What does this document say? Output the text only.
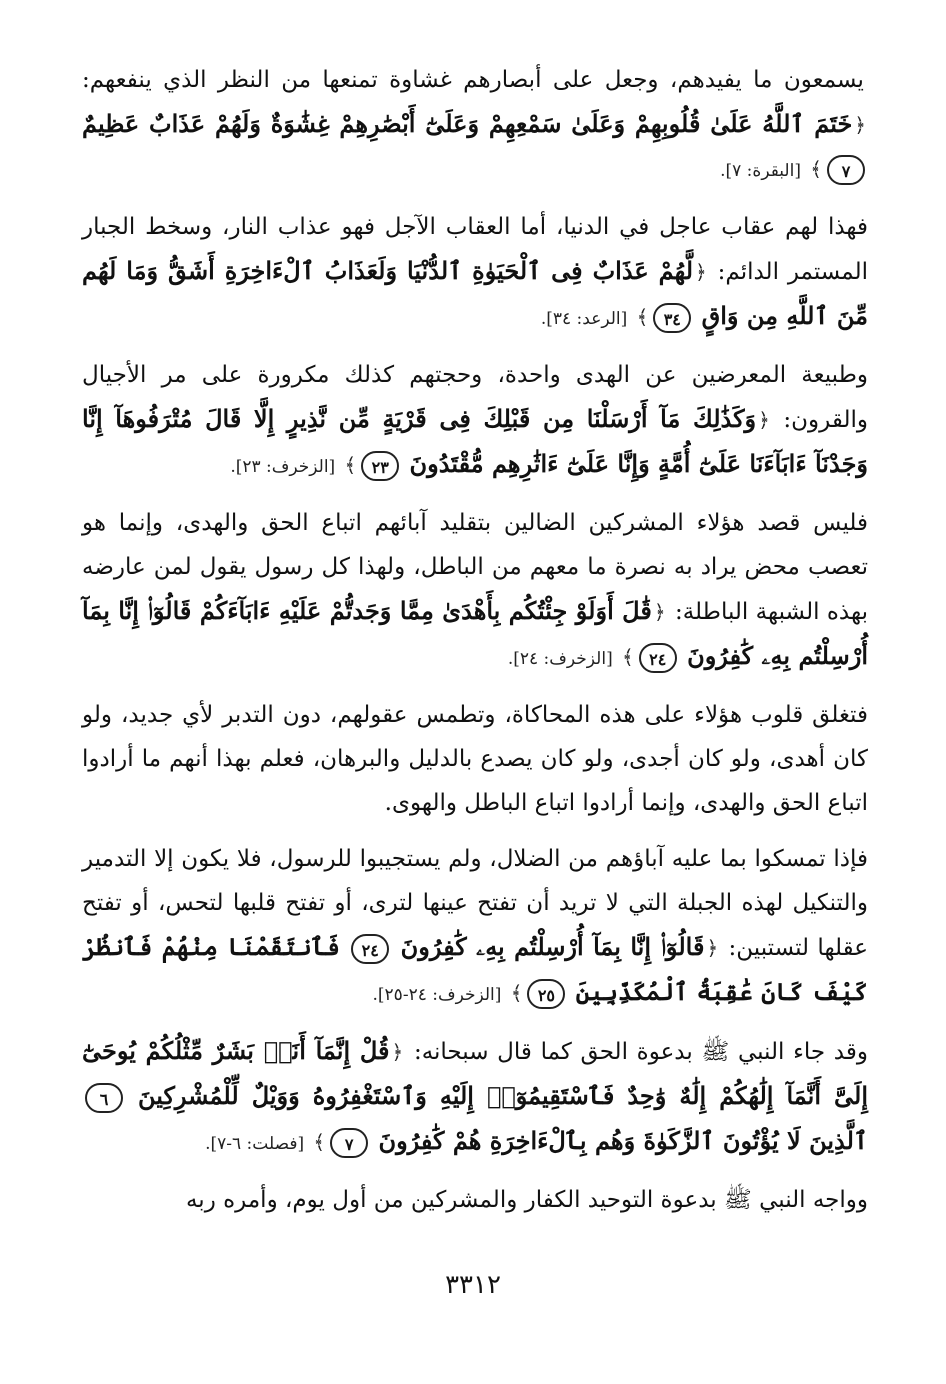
يسمعون ما يفيدهم، وجعل على أبصارهم غشاوة تمنعها من النظر الذي ينفعهم: ﴿خَتَمَ ٱللَّهُ عَلَىٰ قُلُوبِهِمْ وَعَلَىٰ سَمْعِهِمْ وَعَلَىٰٓ أَبْصَٰرِهِمْ غِشَٰوَةٌ وَلَهُمْ عَذَابٌ عَظِيمٌ ٧﴾ [البقرة: ٧].

فهذا لهم عقاب عاجل في الدنيا، أما العقاب الآجل فهو عذاب النار، وسخط الجبار المستمر الدائم: ﴿لَّهُمْ عَذَابٌ فِى ٱلْحَيَوٰةِ ٱلدُّنْيَا وَلَعَذَابُ ٱلْءَاخِرَةِ أَشَقُّ وَمَا لَهُم مِّنَ ٱللَّهِ مِن وَاقٍ ٣٤﴾ [الرعد: ٣٤].

وطبيعة المعرضين عن الهدى واحدة، وحجتهم كذلك مكرورة على مر الأجيال والقرون: ﴿وَكَذَٰلِكَ مَآ أَرْسَلْنَا مِن قَبْلِكَ فِى قَرْيَةٍ مِّن نَّذِيرٍ إِلَّا قَالَ مُتْرَفُوهَآ إِنَّا وَجَدْنَآ ءَابَآءَنَا عَلَىٰٓ أُمَّةٍ وَإِنَّا عَلَىٰٓ ءَاثَٰرِهِم مُّقْتَدُونَ ٢٣﴾ [الزخرف: ٢٣].

فليس قصد هؤلاء المشركين الضالين بتقليد آبائهم اتباع الحق والهدى، وإنما هو تعصب محض يراد به نصرة ما معهم من الباطل، ولهذا كل رسول يقول لمن عارضه بهذه الشبهة الباطلة: ﴿قَٰلَ أَوَلَوْ جِئْتُكُم بِأَهْدَىٰ مِمَّا وَجَدتُّمْ عَلَيْهِ ءَابَآءَكُمْ قَالُوٓا۟ إِنَّا بِمَآ أُرْسِلْتُم بِهِۦ كَٰفِرُونَ ٢٤﴾ [الزخرف: ٢٤].

فتغلق قلوب هؤلاء على هذه المحاكاة، وتطمس عقولهم، دون التدبر لأي جديد، ولو كان أهدى، ولو كان أجدى، ولو كان يصدع بالدليل والبرهان، فعلم بهذا أنهم ما أرادوا اتباع الحق والهدى، وإنما أرادوا اتباع الباطل والهوى.

فإذا تمسكوا بما عليه آباؤهم من الضلال، ولم يستجيبوا للرسول، فلا يكون إلا التدمير والتنكيل لهذه الجبلة التي لا تريد أن تفتح عينها لترى، أو تفتح قلبها لتحس، أو تفتح عقلها لتستبين: ﴿قَالُوٓا۟ إِنَّا بِمَآ أُرْسِلْتُم بِهِۦ كَٰفِرُونَ ٢٤ فَٱنتَقَمْنَا مِنْهُمْ فَٱنظُرْ كَيْفَ كَانَ عَٰقِبَةُ ٱلْمُكَذِّبِينَ ٢٥﴾ [الزخرف: ٢٤-٢٥].

وقد جاء النبي ﷺ بدعوة الحق كما قال سبحانه: ﴿قُلْ إِنَّمَآ أَنَا۠ بَشَرٌ مِّثْلُكُمْ يُوحَىٰٓ إِلَىَّ أَنَّمَآ إِلَٰهُكُمْ إِلَٰهٌ وَٰحِدٌ فَٱسْتَقِيمُوٓا۟ إِلَيْهِ وَٱسْتَغْفِرُوهُ وَوَيْلٌ لِّلْمُشْرِكِينَ ٦ ٱلَّذِينَ لَا يُؤْتُونَ ٱلزَّكَوٰةَ وَهُم بِٱلْءَاخِرَةِ هُمْ كَٰفِرُونَ ٧﴾ [فصلت: ٦-٧].

وواجه النبي ﷺ بدعوة التوحيد الكفار والمشركين من أول يوم، وأمره ربه

٣٣١٢
